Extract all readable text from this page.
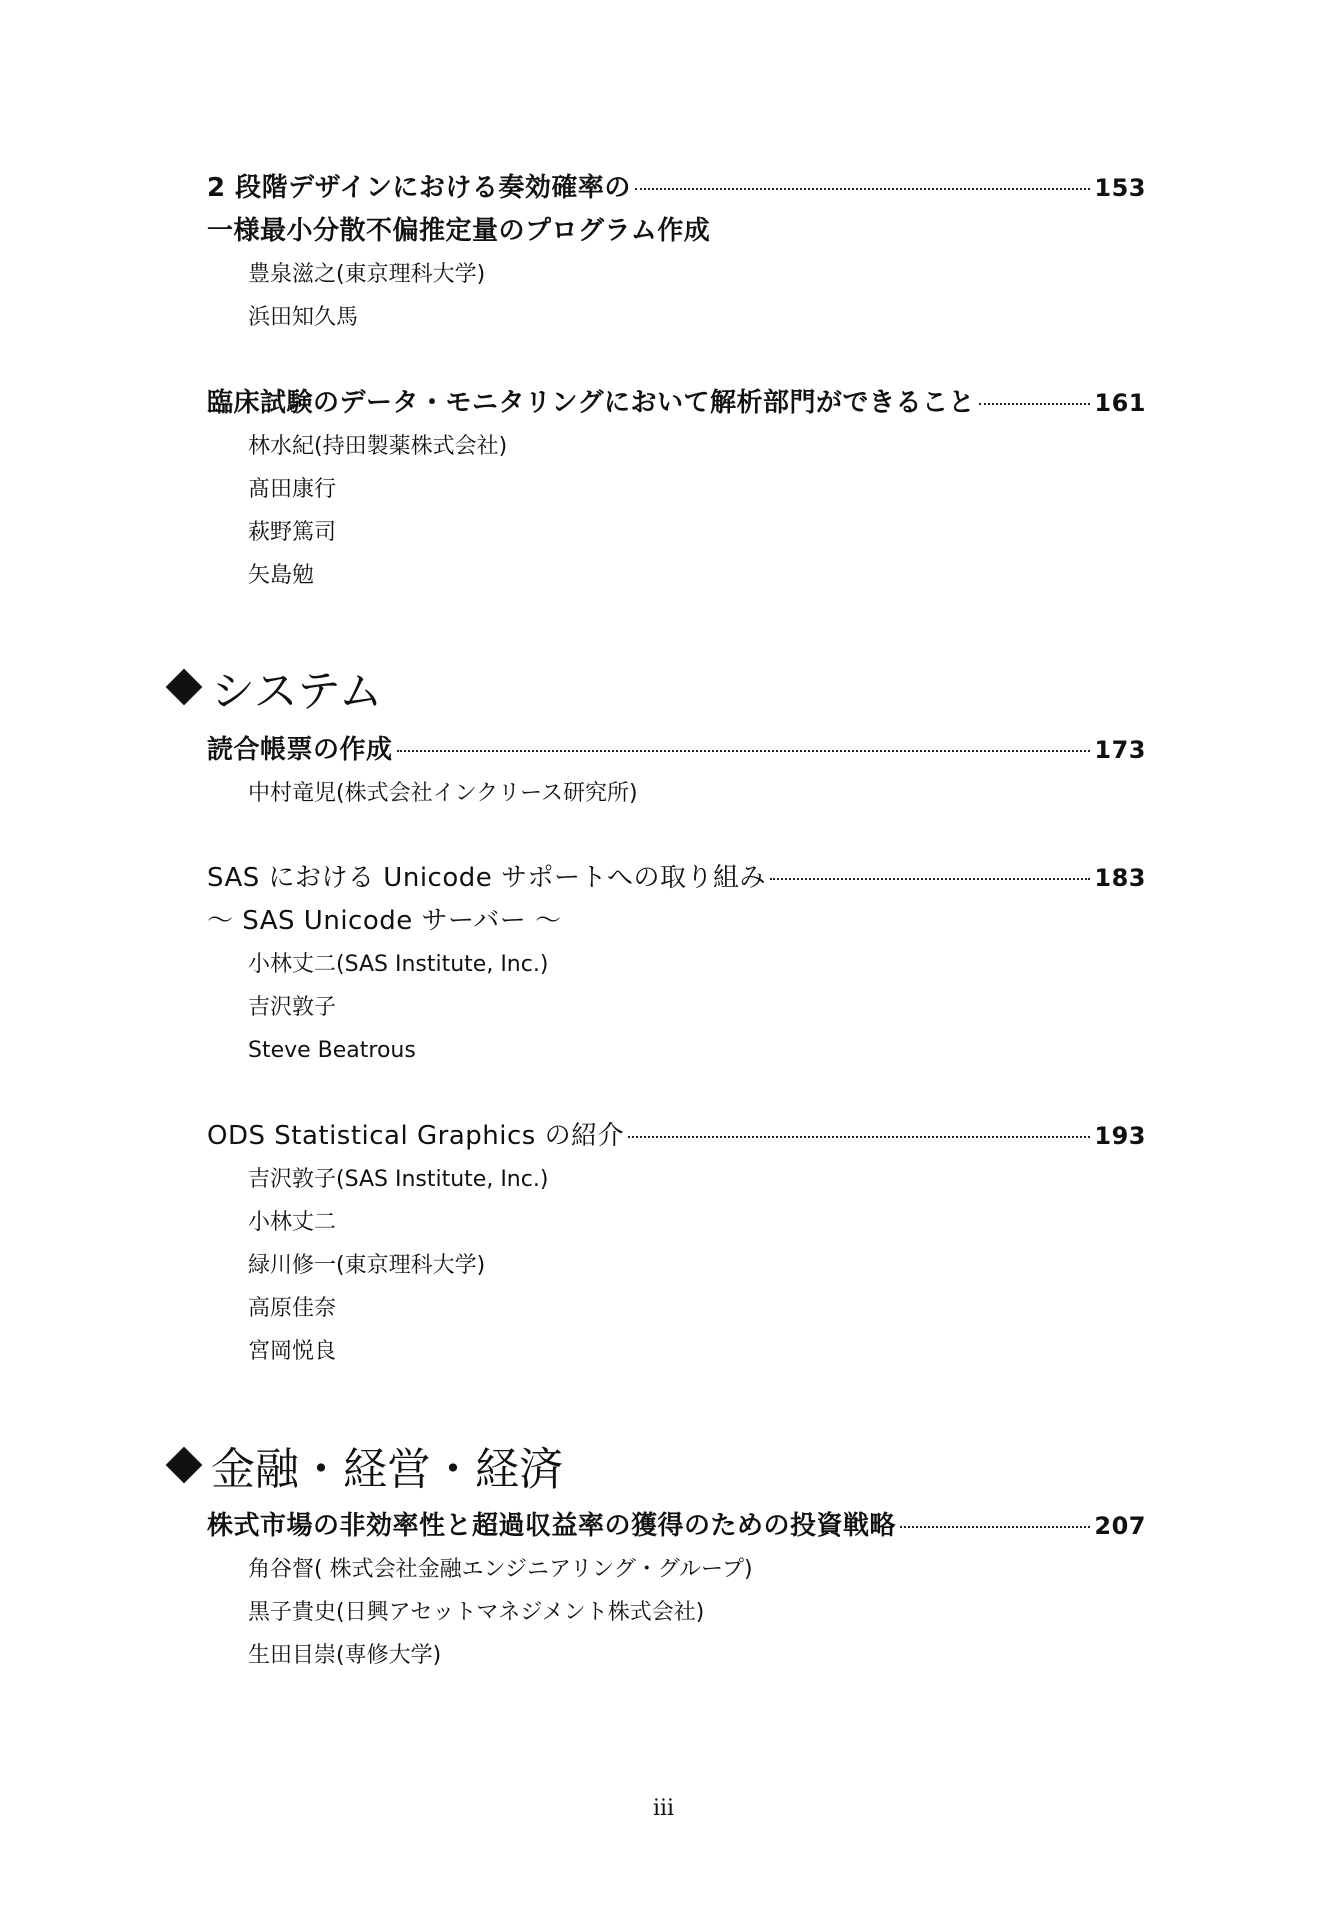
2 段階デザインにおける奏効確率の	153
一様最小分散不偏推定量のプログラム作成
豊泉滋之(東京理科大学)
浜田知久馬
臨床試験のデータ・モニタリングにおいて解析部門ができること	161
林水紀(持田製薬株式会社)
髙田康行
萩野篤司
矢島勉
システム
読合帳票の作成	173
中村竜児(株式会社インクリース研究所)
SAS における Unicode サポートへの取り組み	183
～ SAS Unicode サーバー ～
小林丈二(SAS Institute, Inc.)
吉沢敦子
Steve Beatrous
ODS Statistical Graphics の紹介	193
吉沢敦子(SAS Institute, Inc.)
小林丈二
緑川修一(東京理科大学)
高原佳奈
宮岡悦良
金融・経営・経済
株式市場の非効率性と超過収益率の獲得のための投資戦略	207
角谷督( 株式会社金融エンジニアリング・グループ)
黒子貴史(日興アセットマネジメント株式会社)
生田目崇(専修大学)
iii
